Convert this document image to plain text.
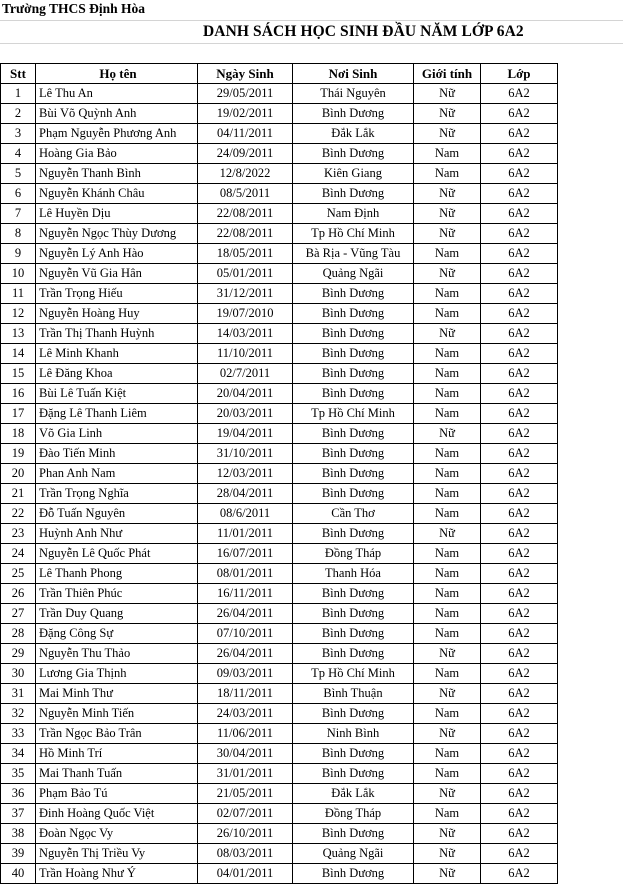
Trường THCS Định Hòa
DANH SÁCH HỌC SINH ĐẦU NĂM LỚP 6A2
Stt	Họ tên	Ngày Sinh	Nơi Sinh	Giới tính	Lớp
1	Lê Thu An	29/05/2011	Thái Nguyên	Nữ	6A2
2	Bùi Võ Quỳnh Anh	19/02/2011	Bình Dương	Nữ	6A2
3	Phạm Nguyễn Phương Anh	04/11/2011	Đắk Lắk	Nữ	6A2
4	Hoàng Gia Bảo	24/09/2011	Bình Dương	Nam	6A2
5	Nguyễn Thanh Bình	12/8/2022	Kiên Giang	Nam	6A2
6	Nguyễn Khánh Châu	08/5/2011	Bình Dương	Nữ	6A2
7	Lê Huyền Dịu	22/08/2011	Nam Định	Nữ	6A2
8	Nguyễn Ngọc Thùy Dương	22/08/2011	Tp Hồ Chí Minh	Nữ	6A2
9	Nguyễn Lý Anh Hào	18/05/2011	Bà Rịa - Vũng Tàu	Nam	6A2
10	Nguyễn Vũ Gia Hân	05/01/2011	Quảng Ngãi	Nữ	6A2
11	Trần Trọng Hiếu	31/12/2011	Bình Dương	Nam	6A2
12	Nguyễn Hoàng Huy	19/07/2010	Bình Dương	Nam	6A2
13	Trần Thị Thanh Huỳnh	14/03/2011	Bình Dương	Nữ	6A2
14	Lê Minh Khanh	11/10/2011	Bình Dương	Nam	6A2
15	Lê Đăng Khoa	02/7/2011	Bình Dương	Nam	6A2
16	Bùi Lê Tuấn Kiệt	20/04/2011	Bình Dương	Nam	6A2
17	Đặng Lê Thanh Liêm	20/03/2011	Tp Hồ Chí Minh	Nam	6A2
18	Võ Gia Linh	19/04/2011	Bình Dương	Nữ	6A2
19	Đào Tiến Minh	31/10/2011	Bình Dương	Nam	6A2
20	Phan Anh Nam	12/03/2011	Bình Dương	Nam	6A2
21	Trần Trọng Nghĩa	28/04/2011	Bình Dương	Nam	6A2
22	Đỗ Tuấn Nguyên	08/6/2011	Cần Thơ	Nam	6A2
23	Huỳnh Anh Như	11/01/2011	Bình Dương	Nữ	6A2
24	Nguyễn Lê Quốc Phát	16/07/2011	Đồng Tháp	Nam	6A2
25	Lê Thanh Phong	08/01/2011	Thanh Hóa	Nam	6A2
26	Trần Thiên Phúc	16/11/2011	Bình Dương	Nam	6A2
27	Trần Duy Quang	26/04/2011	Bình Dương	Nam	6A2
28	Đặng Công Sự	07/10/2011	Bình Dương	Nam	6A2
29	Nguyễn Thu Thảo	26/04/2011	Bình Dương	Nữ	6A2
30	Lương Gia Thịnh	09/03/2011	Tp Hồ Chí Minh	Nam	6A2
31	Mai Minh Thư	18/11/2011	Bình Thuận	Nữ	6A2
32	Nguyễn Minh Tiến	24/03/2011	Bình Dương	Nam	6A2
33	Trần Ngọc Bảo Trân	11/06/2011	Ninh Bình	Nữ	6A2
34	Hồ Minh Trí	30/04/2011	Bình Dương	Nam	6A2
35	Mai Thanh Tuấn	31/01/2011	Bình Dương	Nam	6A2
36	Phạm Bảo Tú	21/05/2011	Đắk Lắk	Nữ	6A2
37	Đinh Hoàng Quốc Việt	02/07/2011	Đồng Tháp	Nam	6A2
38	Đoàn Ngọc Vy	26/10/2011	Bình Dương	Nữ	6A2
39	Nguyễn Thị Triều Vy	08/03/2011	Quảng Ngãi	Nữ	6A2
40	Trần Hoàng Như Ý	04/01/2011	Bình Dương	Nữ	6A2
